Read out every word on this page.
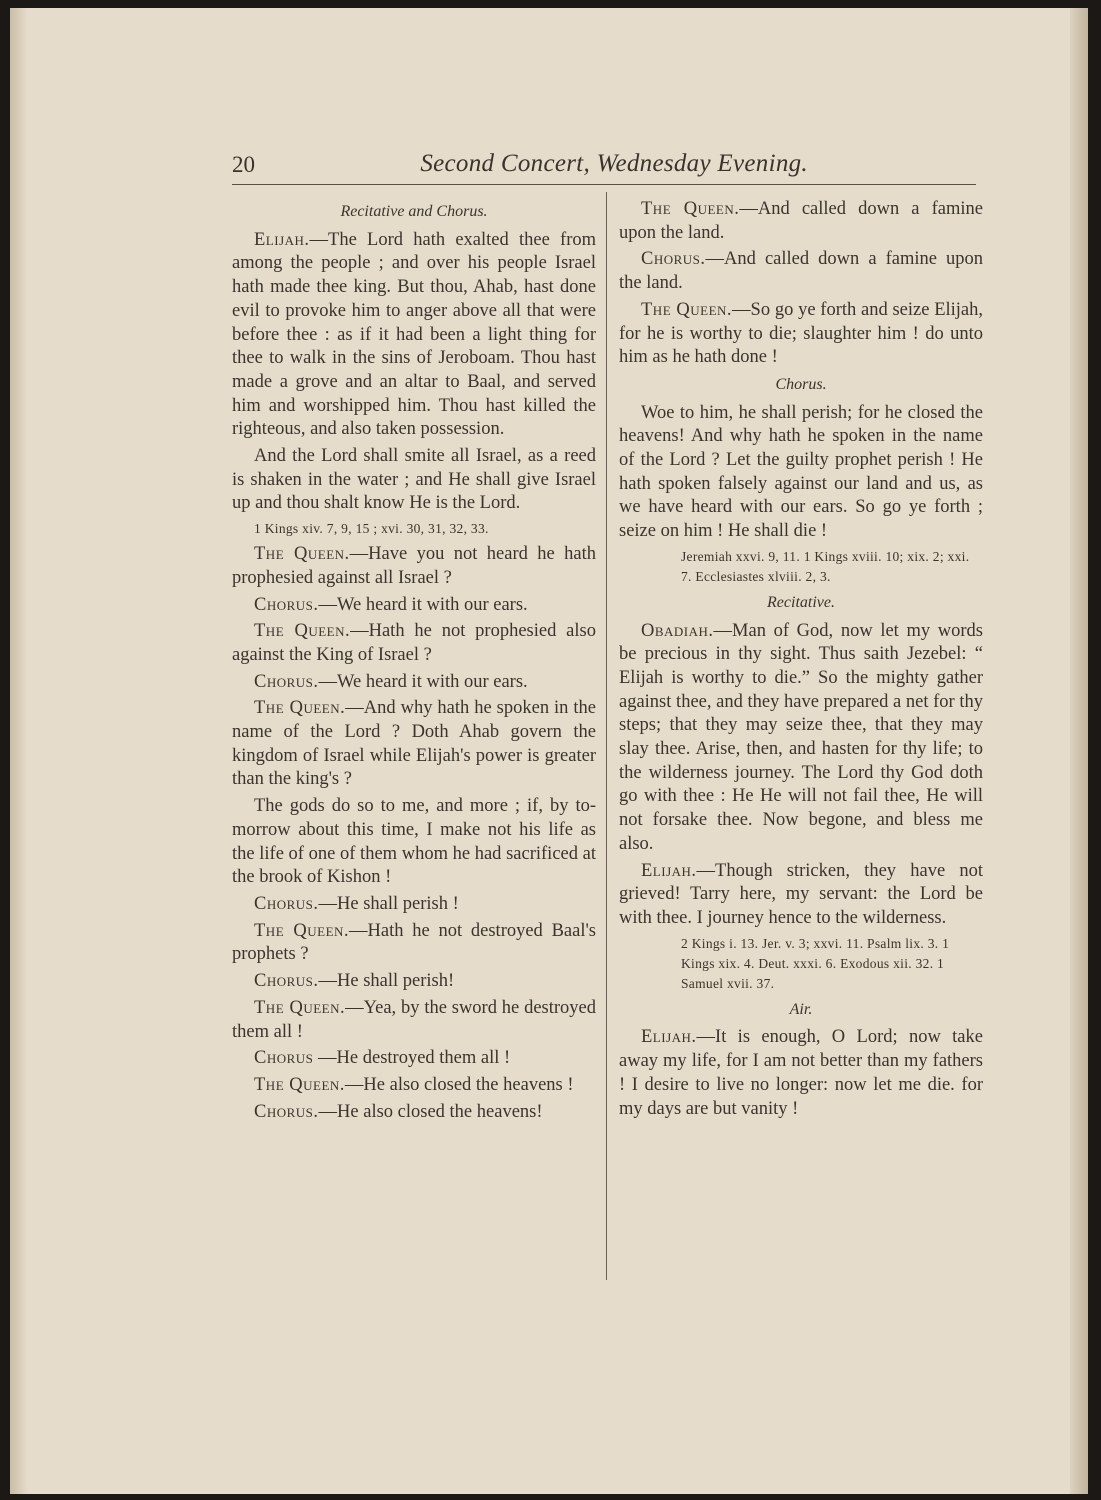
20	Second Concert, Wednesday Evening.

Recitative and Chorus.

Elijah.—The Lord hath exalted thee from among the people ; and over his people Israel hath made thee king. But thou, Ahab, hast done evil to provoke him to anger above all that were before thee : as if it had been a light thing for thee to walk in the sins of Jeroboam. Thou hast made a grove and an altar to Baal, and served him and worshipped him. Thou hast killed the righteous, and also taken possession.

And the Lord shall smite all Israel, as a reed is shaken in the water ; and He shall give Israel up and thou shalt know He is the Lord.

1 Kings xiv. 7, 9, 15 ; xvi. 30, 31, 32, 33.

The Queen.—Have you not heard he hath prophesied against all Israel ?

Chorus.—We heard it with our ears.

The Queen.—Hath he not prophesied also against the King of Israel ?

Chorus.—We heard it with our ears.

The Queen.—And why hath he spoken in the name of the Lord ? Doth Ahab govern the kingdom of Israel while Elijah's power is greater than the king's ?

The gods do so to me, and more ; if, by to-morrow about this time, I make not his life as the life of one of them whom he had sacrificed at the brook of Kishon !

Chorus.—He shall perish !

The Queen.—Hath he not destroyed Baal's prophets ?

Chorus.—He shall perish!

The Queen.—Yea, by the sword he destroyed them all !

Chorus —He destroyed them all !

The Queen.—He also closed the heavens !

Chorus.—He also closed the heavens!

The Queen.—And called down a famine upon the land.

Chorus.—And called down a famine upon the land.

The Queen.—So go ye forth and seize Elijah, for he is worthy to die; slaughter him ! do unto him as he hath done !

Chorus.

Woe to him, he shall perish; for he closed the heavens! And why hath he spoken in the name of the Lord ? Let the guilty prophet perish ! He hath spoken falsely against our land and us, as we have heard with our ears. So go ye forth ; seize on him ! He shall die !

Jeremiah xxvi. 9, 11. 1 Kings xviii. 10; xix. 2; xxi. 7. Ecclesiastes xlviii. 2, 3.

Recitative.

Obadiah.—Man of God, now let my words be precious in thy sight. Thus saith Jezebel: “ Elijah is worthy to die.” So the mighty gather against thee, and they have prepared a net for thy steps; that they may seize thee, that they may slay thee. Arise, then, and hasten for thy life; to the wilderness journey. The Lord thy God doth go with thee : He He will not fail thee, He will not forsake thee. Now begone, and bless me also.

Elijah.—Though stricken, they have not grieved! Tarry here, my servant: the Lord be with thee. I journey hence to the wilderness.

2 Kings i. 13. Jer. v. 3; xxvi. 11. Psalm lix. 3. 1 Kings xix. 4. Deut. xxxi. 6. Exodous xii. 32. 1 Samuel xvii. 37.

Air.

Elijah.—It is enough, O Lord; now take away my life, for I am not better than my fathers ! I desire to live no longer: now let me die. for my days are but vanity !
